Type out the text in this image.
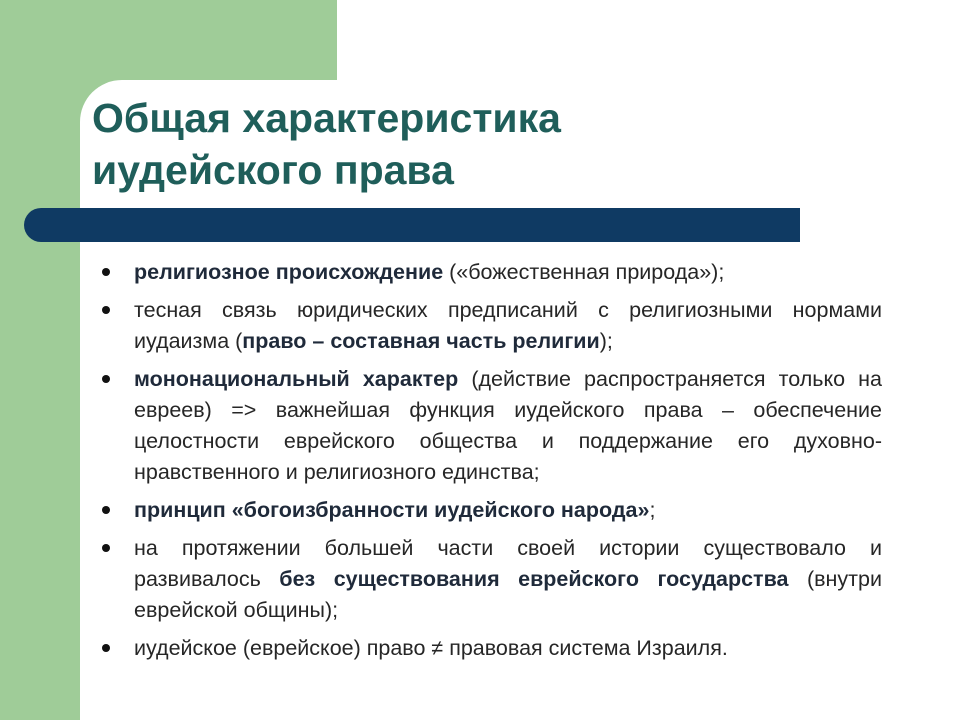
Общая характеристика
иудейского права
религиозное происхождение («божественная природа»);
тесная связь юридических предписаний с религиозными нормами иудаизма (право – составная часть религии);
мононациональный характер (действие распространяется только на евреев) => важнейшая функция иудейского права – обеспечение целостности еврейского общества и поддержание его духовно-нравственного и религиозного единства;
принцип «богоизбранности иудейского народа»;
на протяжении большей части своей истории существовало и развивалось без существования еврейского государства (внутри еврейской общины);
иудейское (еврейское) право ≠ правовая система Израиля.
